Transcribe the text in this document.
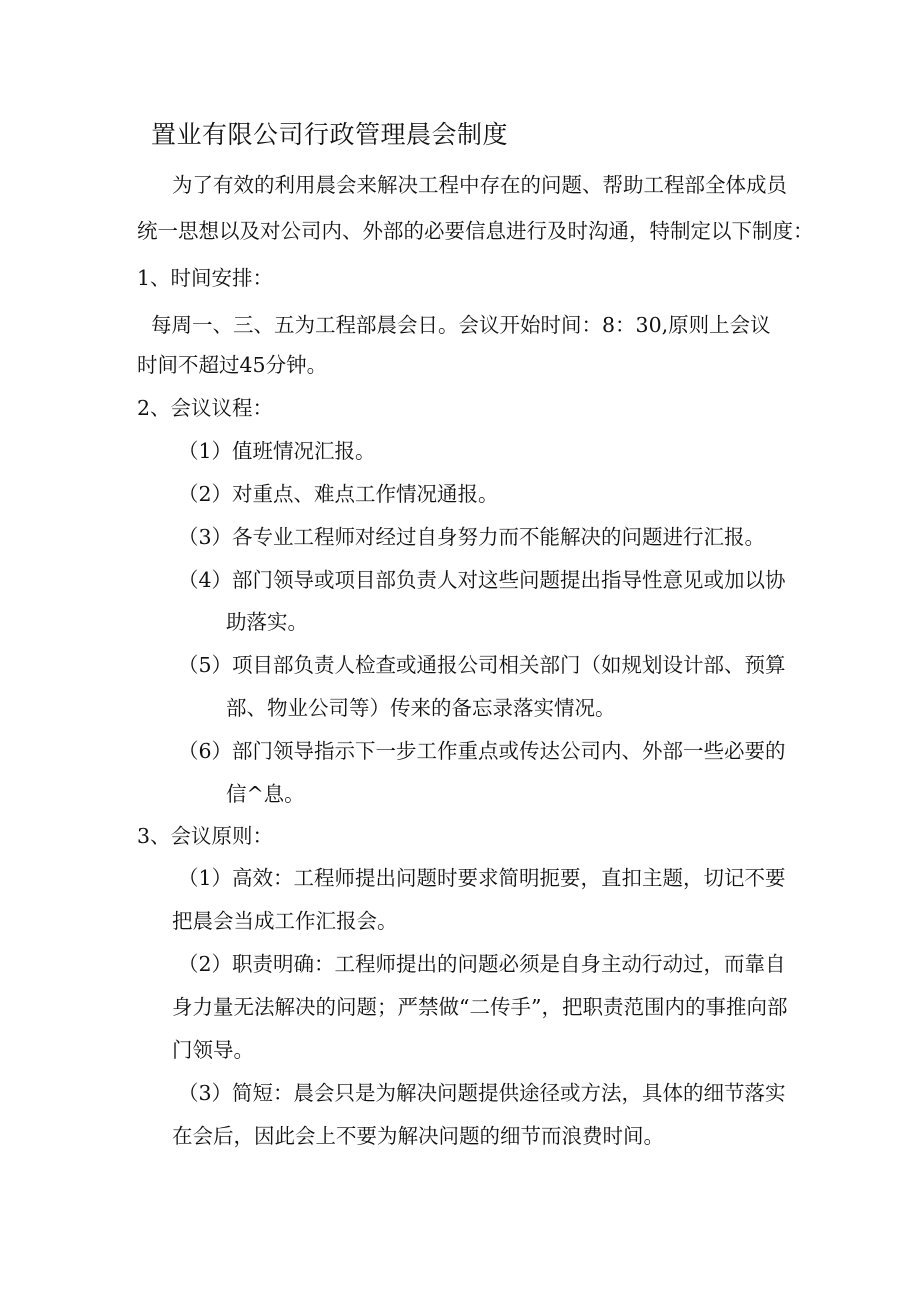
置业有限公司行政管理晨会制度

为了有效的利用晨会来解决工程中存在的问题、帮助工程部全体成员

统一思想以及对公司内、外部的必要信息进行及时沟通，特制定以下制度：

1、时间安排：

每周一、三、五为工程部晨会日。会议开始时间：8：30,原则上会议

时间不超过45分钟。

2、会议议程：

（1）值班情况汇报。

（2）对重点、难点工作情况通报。

（3）各专业工程师对经过自身努力而不能解决的问题进行汇报。

（4）部门领导或项目部负责人对这些问题提出指导性意见或加以协

助落实。

（5）项目部负责人检查或通报公司相关部门（如规划设计部、预算

部、物业公司等）传来的备忘录落实情况。

（6）部门领导指示下一步工作重点或传达公司内、外部一些必要的

信^息。

3、会议原则：

（1）高效：工程师提出问题时要求简明扼要，直扣主题，切记不要

把晨会当成工作汇报会。

（2）职责明确：工程师提出的问题必须是自身主动行动过，而靠自

身力量无法解决的问题；严禁做“二传手”，把职责范围内的事推向部

门领导。

（3）简短：晨会只是为解决问题提供途径或方法，具体的细节落实

在会后，因此会上不要为解决问题的细节而浪费时间。
